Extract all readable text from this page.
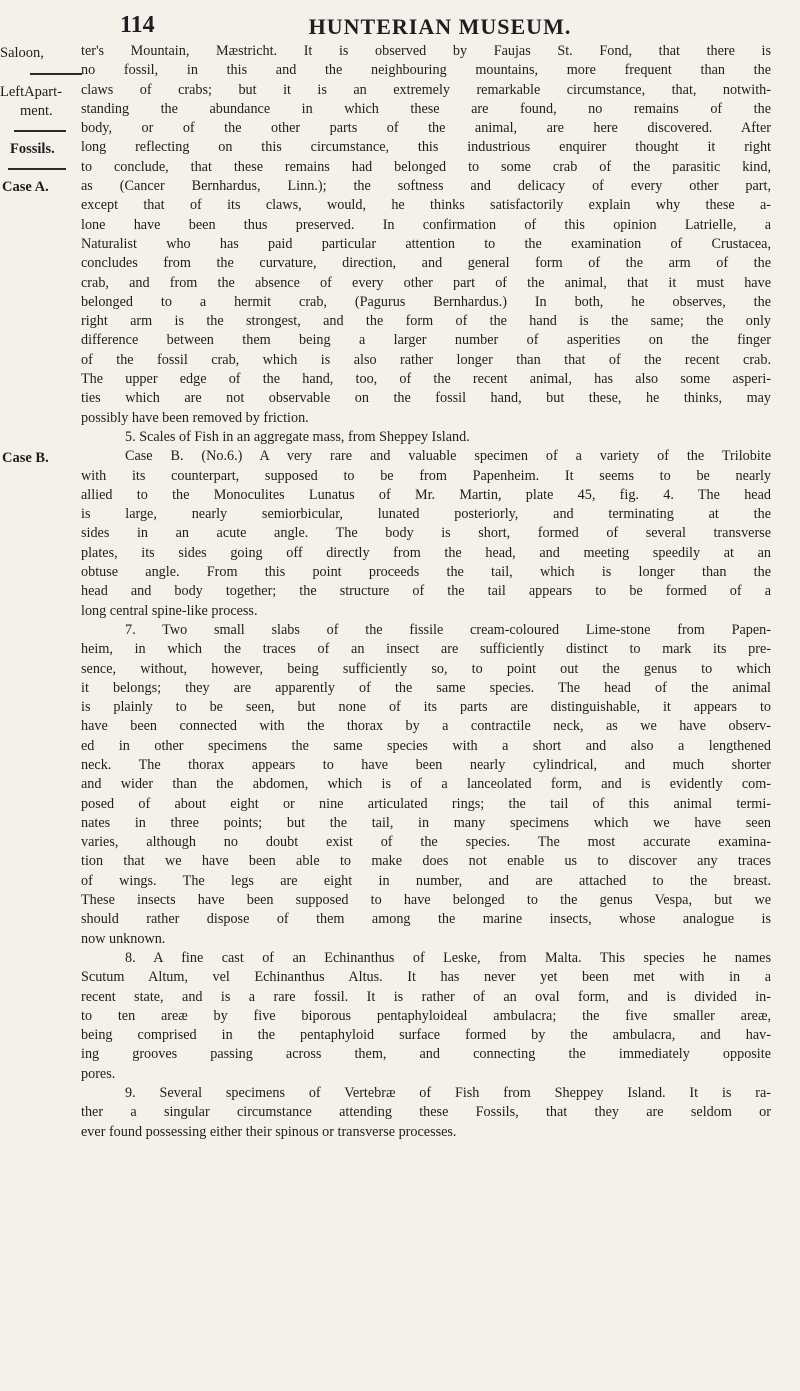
114	HUNTERIAN MUSEUM.
Saloon,
LeftApart-
ment.
Fossils.
Case A.
Case B.
ter's Mountain, Mæstricht. It is observed by Faujas St. Fond, that there is
no fossil, in this and the neighbouring mountains, more frequent than the
claws of crabs; but it is an extremely remarkable circumstance, that, notwith-
standing the abundance in which these are found, no remains of the
body, or of the other parts of the animal, are here discovered. After
long reflecting on this circumstance, this industrious enquirer thought it right
to conclude, that these remains had belonged to some crab of the parasitic kind,
as (Cancer Bernhardus, Linn.); the softness and delicacy of every other part,
except that of its claws, would, he thinks satisfactorily explain why these a-
lone have been thus preserved. In confirmation of this opinion Latrielle, a
Naturalist who has paid particular attention to the examination of Crustacea,
concludes from the curvature, direction, and general form of the arm of the
crab, and from the absence of every other part of the animal, that it must have
belonged to a hermit crab, (Pagurus Bernhardus.) In both, he observes, the
right arm is the strongest, and the form of the hand is the same; the only
difference between them being a larger number of asperities on the finger
of the fossil crab, which is also rather longer than that of the recent crab.
The upper edge of the hand, too, of the recent animal, has also some asperi-
ties which are not observable on the fossil hand, but these, he thinks, may
possibly have been removed by friction.
5. Scales of Fish in an aggregate mass, from Sheppey Island.
Case B. (No.6.) A very rare and valuable specimen of a variety of the Trilobite
with its counterpart, supposed to be from Papenheim. It seems to be nearly
allied to the Monoculites Lunatus of Mr. Martin, plate 45, fig. 4. The head
is large, nearly semiorbicular, lunated posteriorly, and terminating at the
sides in an acute angle. The body is short, formed of several transverse
plates, its sides going off directly from the head, and meeting speedily at an
obtuse angle. From this point proceeds the tail, which is longer than the
head and body together; the structure of the tail appears to be formed of a
long central spine-like process.
7. Two small slabs of the fissile cream-coloured Lime-stone from Papen-
heim, in which the traces of an insect are sufficiently distinct to mark its pre-
sence, without, however, being sufficiently so, to point out the genus to which
it belongs; they are apparently of the same species. The head of the animal
is plainly to be seen, but none of its parts are distinguishable, it appears to
have been connected with the thorax by a contractile neck, as we have observ-
ed in other specimens the same species with a short and also a lengthened
neck. The thorax appears to have been nearly cylindrical, and much shorter
and wider than the abdomen, which is of a lanceolated form, and is evidently com-
posed of about eight or nine articulated rings; the tail of this animal termi-
nates in three points; but the tail, in many specimens which we have seen
varies, although no doubt exist of the species. The most accurate examina-
tion that we have been able to make does not enable us to discover any traces
of wings. The legs are eight in number, and are attached to the breast.
These insects have been supposed to have belonged to the genus Vespa, but we
should rather dispose of them among the marine insects, whose analogue is
now unknown.
8. A fine cast of an Echinanthus of Leske, from Malta. This species he names
Scutum Altum, vel Echinanthus Altus. It has never yet been met with in a
recent state, and is a rare fossil. It is rather of an oval form, and is divided in-
to ten areæ by five biporous pentaphyloideal ambulacra; the five smaller areæ,
being comprised in the pentaphyloid surface formed by the ambulacra, and hav-
ing grooves passing across them, and connecting the immediately opposite
pores.
9. Several specimens of Vertebræ of Fish from Sheppey Island. It is ra-
ther a singular circumstance attending these Fossils, that they are seldom or
ever found possessing either their spinous or transverse processes.
